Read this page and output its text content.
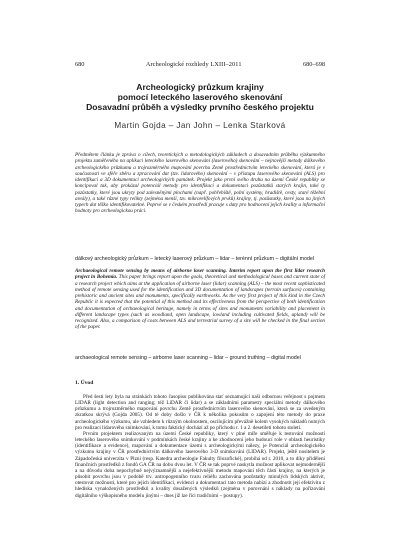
680	Archeologické rozhledy LXIII–2011	680–698
Archeologický průzkum krajiny
pomocí leteckého laserového skenování
Dosavadní průběh a výsledky prvního českého projektu
Martin Gojda – Jan John – Lenka Starková
Předmětem článku je zpráva o cílech, teoretických a metodologických základech a dosavadním průběhu výzkumného projektu zaměřeného na aplikaci leteckého laserového skenování (laserového) skenování – nejnovější metody dálkového archeologického průzkumu a trojrozměrného mapování povrchu Země prostřednictvím leteckého skenování, která je v současnosti ve sféře sběru a zpracování dat (tzv. lidarového) skenování – v přístupu laserového skenování (ALS) pro identifikaci a 3D dokumentaci archeologických památek. Projekt jako první svého druhu na území České republiky se koncipoval tak, aby prokázal potenciál metody pro identifikaci a dokumentaci pozůstatků starých krajin, také ty pozůstatky, které jsou ukryty pod zalesněnými plochami (např. pohřebiště, polní systémy, hradiště, cesty, staré těžební areály), a také různé typy relikty (zejména menší, tzv. mikrorelifových prvků) krajiny, tj. pozůstatky, které jsou na jiných typech dat těžko identifikovatelné. Poprvé se v českém prostředí pracuje s daty pro hodnocení jejich kvality a informační hodnoty pro archeologickou práci.

dálkový archeologický průzkum – letecký laserový průzkum – lidar – terénní průzkum – digitální model

Archaeological remote sensing by means of airborne laser scanning. Interim report upon the first lidar research project in Bohemia. This paper brings report upon the goals, theoretical and methodological bases and current state of a research project which aims at the application of airborne laser (lidar) scanning (ALS) – the most recent sophisticated method of remote sensing used for the identification and 3D documentation of landscapes (terrain surfaces) containing prehistoric and ancient sites and monuments, specifically earthworks. As the very first project of this kind in the Czech Republic it is expected that the potential of this method and its effectiveness from the perspective of both identification and documentation of archaeological heritage, namely in terms of sites and monuments variability and placement in different landscape types (such as woodland, open landscape, lowland including cultivated fields, upland) will be recognized. Also, a comparison of costs between ALS and terrestrial survey of a site will be checked in the final section of the paper.

archaeological remote sensing – airborne laser scanning – lidar – ground truthing – digital model

1. Úvod

Před šesti lety byla na stránkách tohoto časopisu publikována stať seznamující naši odbornou veřejnost s pojmem LIDAR (light detection and ranging; též LiDAR či lidar) a se základními parametry speciální metody dálkového průzkumu a trojrozměrného mapování povrchu Země prostřednictvím laserového skenování, která se za uvedeným zkratkou skrývá (Gojda 2005). Od té doby došlo v ČR k několika pokusům o zapojení této metody do praxe archeologického výzkumu, ale vzhledem k různým okolnostem, oscilujícím převážně kolem vysokých nákladů nutných pro realizaci lidarového snímkování, k tomu faktický dochází až po příchodu r. 1 a 2. desetiletí tohoto století.

Prvním projektem realizovaným na území České republiky, který v plné míře směřuje k testování možností leteckého laserového snímkování v podmínkách české krajiny a ke zhodnocení jeho budoucí role v oblasti heuristiky (identifikace a evidence), mapování a dokumentace území s archeologickými nálezy, je Potenciál archeologického výzkumu krajiny v ČR prostřednictvím dálkového laserového 3-D snímkování (LIDAR). Projekt, ještě nositelem je Západočeská univerzita v Plzni (resp. Katedra archeologie Fakulty filozofické), probíhá od r. 2010, a to díky přidělení finančních prostředků z fondů GA ČR na dobu dvou let. V ČR se tak poprvé naskytla možnost aplikovat nejmodernější a na důvodu doba nepochybně nejvýznamnější a nejefektivnější metodu mapování těch částí krajiny, na kterých je působit povrchu jsou v podobě trv. antropogenního tvaru reliéfu zachována pozůstatky minulých lidských aktivit, otestovat možnosti, které pro jejich identifikaci, evidenci a dokumentaci tato metoda nabízí a zhodnotit její efektivitu z hlediska vynaložených prostředků a kvality dosažených výsledků (zejména v porovnání s náklady na pořizování digitálního výškopisného modelu jinými – dnes již lze říci tradičními – postupy).
